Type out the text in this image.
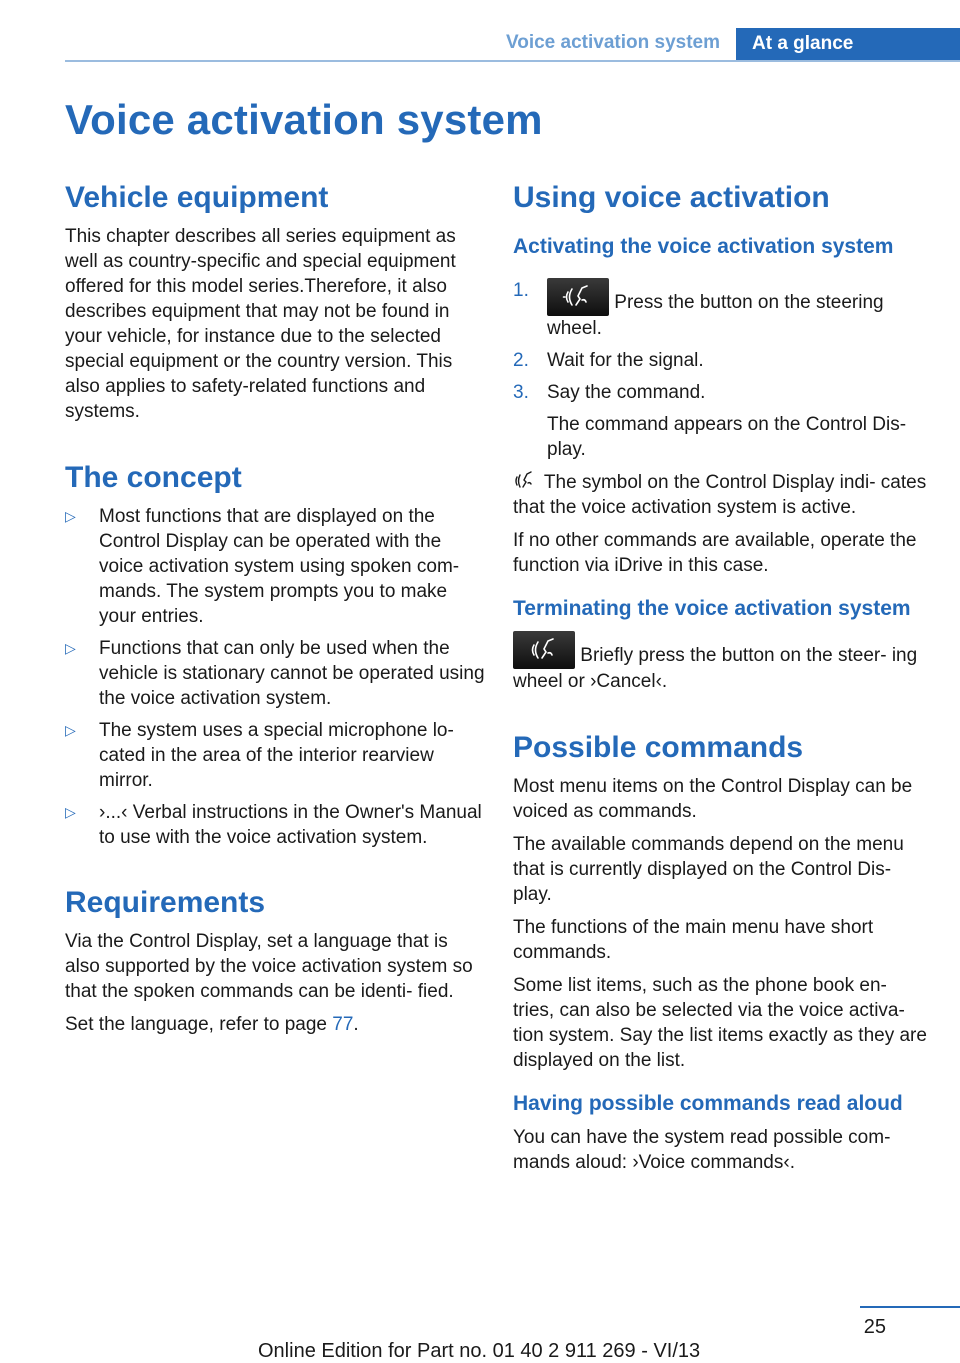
Voice activation system	At a glance
Voice activation system
Vehicle equipment

This chapter describes all series equipment as well as country-specific and special equipment offered for this model series.Therefore, it also describes equipment that may not be found in your vehicle, for instance due to the selected special equipment or the country version. This also applies to safety-related functions and systems.

The concept
▷ Most functions that are displayed on the Control Display can be operated with the voice activation system using spoken com‐ mands. The system prompts you to make your entries.
▷ Functions that can only be used when the vehicle is stationary cannot be operated using the voice activation system.
▷ The system uses a special microphone lo‐ cated in the area of the interior rearview mirror.
▷ ›...‹ Verbal instructions in the Owner's Manual to use with the voice activation system.
Requirements

Via the Control Display, set a language that is also supported by the voice activation system so that the spoken commands can be identi‐ fied.

Set the language, refer to page 77.

Using voice activation
Activating the voice activation system
1.
Press the button on the steering wheel.
2. Wait for the signal.
3. Say the command.
The command appears on the Control Dis‐ play.

The symbol on the Control Display indi‐ cates that the voice activation system is active.

If no other commands are available, operate the function via iDrive in this case.

Terminating the voice activation system

Briefly press the button on the steer‐ ing wheel or ›Cancel‹.

Possible commands

Most menu items on the Control Display can be voiced as commands.

The available commands depend on the menu that is currently displayed on the Control Dis‐ play.

The functions of the main menu have short commands.

Some list items, such as the phone book en‐ tries, can also be selected via the voice activa‐ tion system. Say the list items exactly as they are displayed on the list.

Having possible commands read aloud

You can have the system read possible com‐ mands aloud: ›Voice commands‹.

25
Online Edition for Part no. 01 40 2 911 269 - VI/13
